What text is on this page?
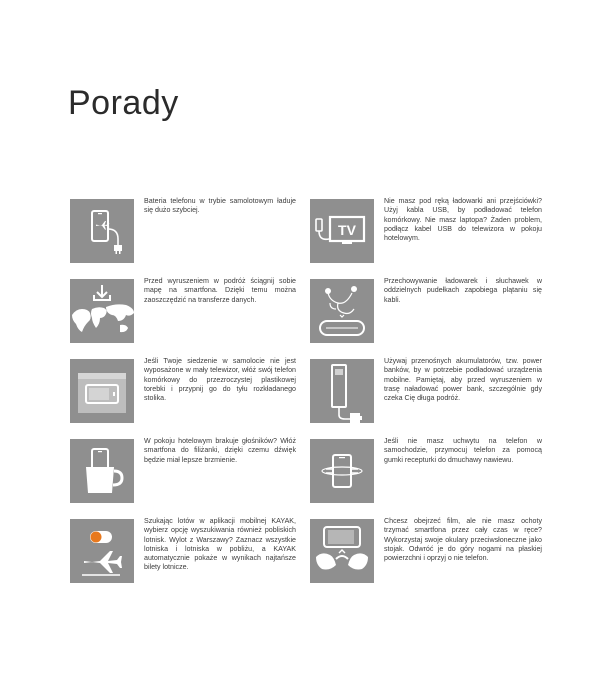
Porady
Bateria telefonu w trybie samolotowym ładuje się dużo szybciej.
TV
Nie masz pod ręką ładowarki ani przejściówki? Użyj kabla USB, by podładować telefon komórkowy. Nie masz laptopa? Żaden problem, podłącz kabel USB do telewizora w pokoju hotelowym.
Przed wyruszeniem w podróż ściągnij sobie mapę na smartfona. Dzięki temu można zaoszczędzić na transferze danych.
Przechowywanie ładowarek i słuchawek w oddzielnych pudełkach zapobiega plątaniu się kabli.
Jeśli Twoje siedzenie w samolocie nie jest wyposażone w mały telewizor, włóż swój telefon komórkowy do przezroczystej plastikowej torebki i przypnij go do tyłu rozkładanego stolika.
Używaj przenośnych akumulatorów, tzw. power banków, by w potrzebie podładować urządzenia mobilne. Pamiętaj, aby przed wyruszeniem w trasę naładować power bank, szczególnie gdy czeka Cię długa podróż.
W pokoju hotelowym brakuje głośników? Włóż smartfona do filiżanki, dzięki czemu dźwięk będzie miał lepsze brzmienie.
Jeśli nie masz uchwytu na telefon w samochodzie, przymocuj telefon za pomocą gumki recepturki do dmuchawy nawiewu.
Szukając lotów w aplikacji mobilnej KAYAK, wybierz opcję wyszukiwania również pobliskich lotnisk. Wylot z Warszawy? Zaznacz wszystkie lotniska i lotniska w pobliżu, a KAYAK automatycznie pokaże w wynikach najtańsze bilety lotnicze.
Chcesz obejrzeć film, ale nie masz ochoty trzymać smartfona przez cały czas w ręce? Wykorzystaj swoje okulary przeciwsłoneczne jako stojak. Odwróć je do góry nogami na płaskiej powierzchni i oprzyj o nie telefon.
